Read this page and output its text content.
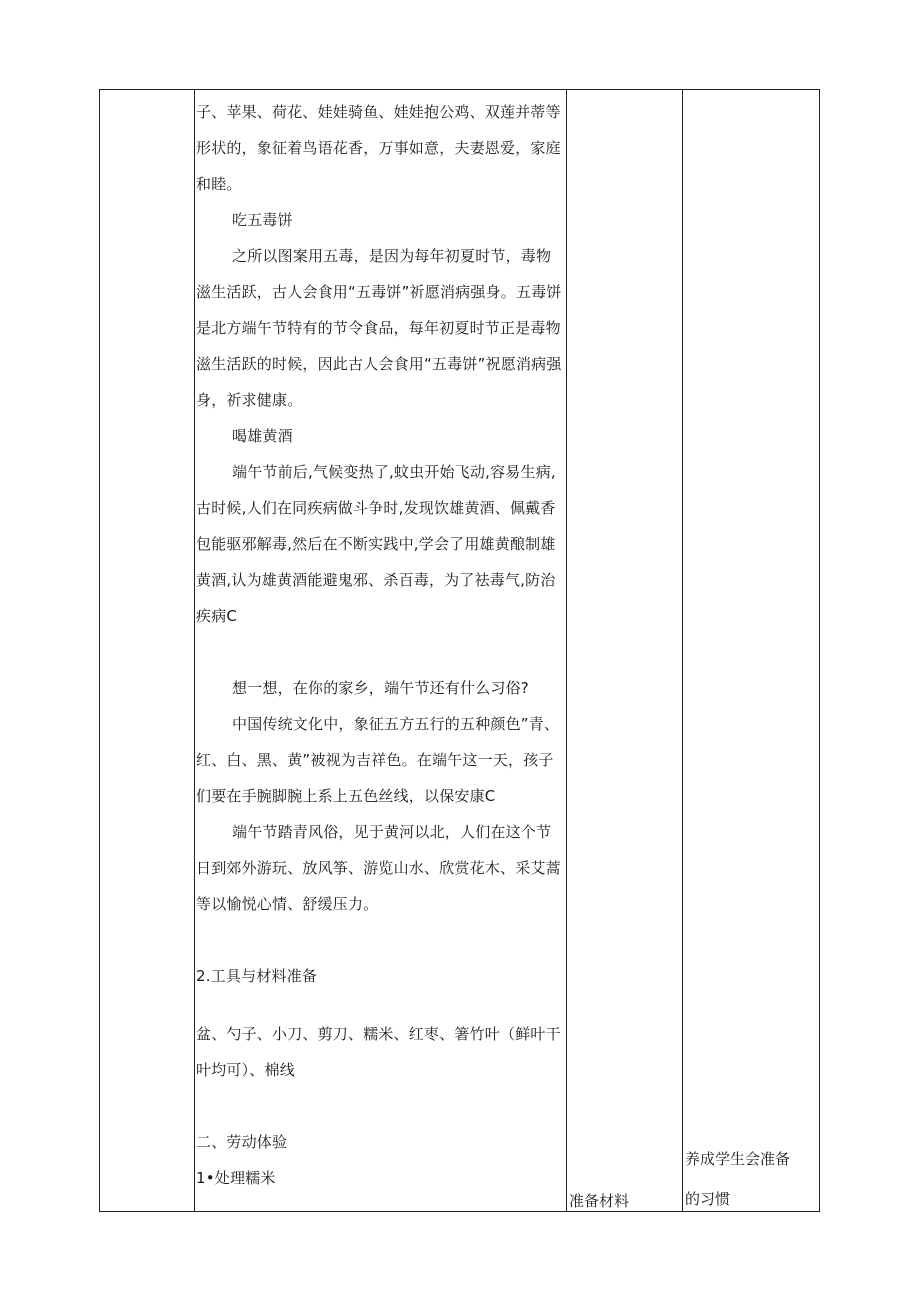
子、苹果、荷花、娃娃骑鱼、娃娃抱公鸡、双莲并蒂等形状的，象征着鸟语花香，万事如意，夫妻恩爱，家庭和睦。

吃五毒饼

之所以图案用五毒，是因为每年初夏时节，毒物滋生活跃，古人会食用“五毒饼”祈愿消病强身。五毒饼是北方端午节特有的节令食品，每年初夏时节正是毒物滋生活跃的时候，因此古人会食用“五毒饼”祝愿消病强身，祈求健康。

喝雄黄酒

端午节前后,气候变热了,蚊虫开始飞动,容易生病,古时候,人们在同疾病做斗争时,发现饮雄黄酒、佩戴香包能驱邪解毒,然后在不断实践中,学会了用雄黄酿制雄黄酒,认为雄黄酒能避鬼邪、杀百毒，为了祛毒气,防治疾病C

想一想，在你的家乡，端午节还有什么习俗?

中国传统文化中，象征五方五行的五种颜色”青、红、白、黑、黄”被视为吉祥色。在端午这一天，孩子们要在手腕脚腕上系上五色丝线，以保安康C

端午节踏青风俗，见于黄河以北，人们在这个节日到郊外游玩、放风筝、游览山水、欣赏花木、采艾蒿等以愉悦心情、舒缓压力。

2.工具与材料准备

盆、勺子、小刀、剪刀、糯米、红枣、箸竹叶（鲜叶干叶均可）、棉线

二、劳动体验

1•处理糯米

准备材料

养成学生会准备

的习惯
